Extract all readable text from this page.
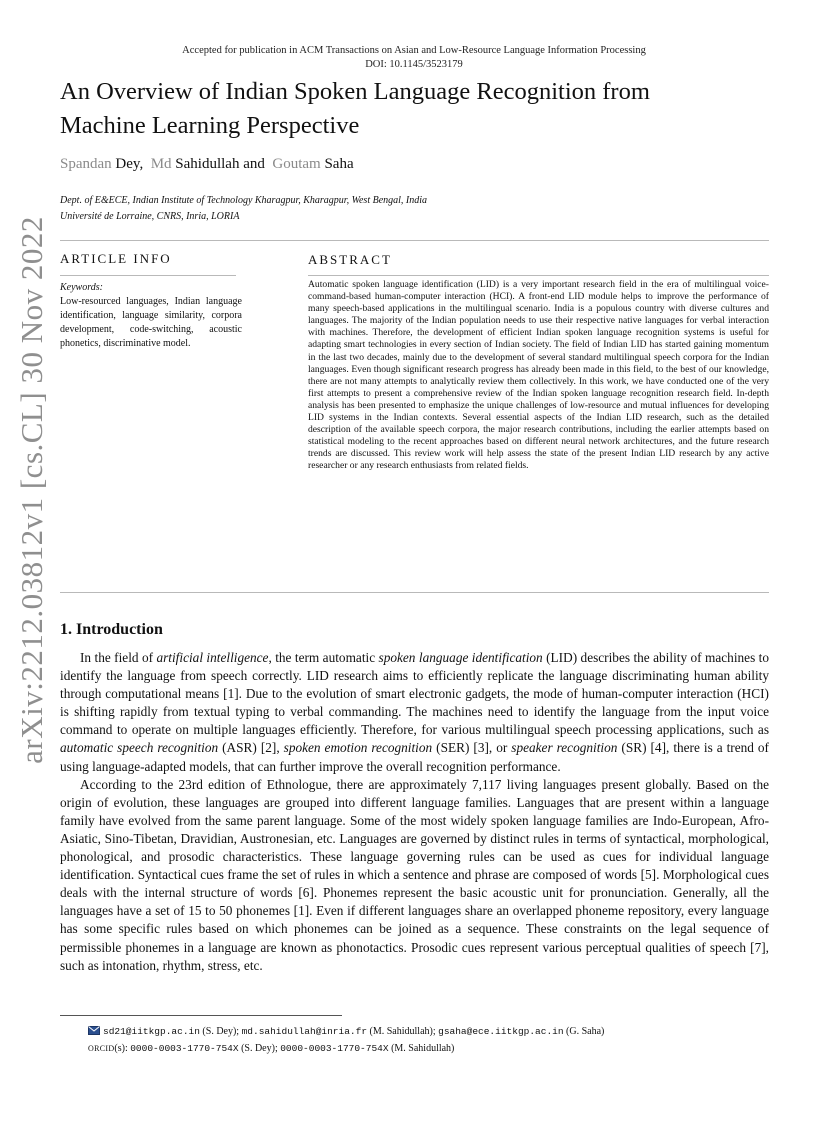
Accepted for publication in ACM Transactions on Asian and Low-Resource Language Information Processing
DOI: 10.1145/3523179
An Overview of Indian Spoken Language Recognition from
Machine Learning Perspective
Spandan Dey,  Md Sahidullah and Goutam Saha
Dept. of E&ECE, Indian Institute of Technology Kharagpur, Kharagpur, West Bengal, India
Université de Lorraine, CNRS, Inria, LORIA
ARTICLE INFO	ABSTRACT
Keywords:
Low-resourced languages, Indian language identification, language similarity, corpora development, code-switching, acoustic phonetics, discriminative model.
Automatic spoken language identification (LID) is a very important research field in the era of multilingual voice-command-based human-computer interaction (HCI). A front-end LID module helps to improve the performance of many speech-based applications in the multilingual scenario. India is a populous country with diverse cultures and languages. The majority of the Indian population needs to use their respective native languages for verbal interaction with machines. Therefore, the development of efficient Indian spoken language recognition systems is useful for adapting smart technologies in every section of Indian society. The field of Indian LID has started gaining momentum in the last two decades, mainly due to the development of several standard multilingual speech corpora for the Indian languages. Even though significant research progress has already been made in this field, to the best of our knowledge, there are not many attempts to analytically review them collectively. In this work, we have conducted one of the very first attempts to present a comprehensive review of the Indian spoken language recognition research field. In-depth analysis has been presented to emphasize the unique challenges of low-resource and mutual influences for developing LID systems in the Indian contexts. Several essential aspects of the Indian LID research, such as the detailed description of the available speech corpora, the major research contributions, including the earlier attempts based on statistical modeling to the recent approaches based on different neural network architectures, and the future research trends are discussed. This review work will help assess the state of the present Indian LID research by any active researcher or any research enthusiasts from related fields.
arXiv:2212.03812v1 [cs.CL] 30 Nov 2022 1. Introduction

In the field of artificial intelligence, the term automatic spoken language identification (LID) describes the ability of machines to identify the language from speech correctly. LID research aims to efficiently replicate the language discriminating human ability through computational means [1]. Due to the evolution of smart electronic gadgets, the mode of human-computer interaction (HCI) is shifting rapidly from textual typing to verbal commanding. The machines need to identify the language from the input voice command to operate on multiple languages efficiently. Therefore, for various multilingual speech processing applications, such as automatic speech recognition (ASR) [2], spoken emotion recognition (SER) [3], or speaker recognition (SR) [4], there is a trend of using language-adapted models, that can further improve the overall recognition performance.

According to the 23rd edition of Ethnologue, there are approximately 7,117 living languages present globally. Based on the origin of evolution, these languages are grouped into different language families. Languages that are present within a language family have evolved from the same parent language. Some of the most widely spoken language families are Indo-European, Afro-Asiatic, Sino-Tibetan, Dravidian, Austronesian, etc. Languages are governed by distinct rules in terms of syntactical, morphological, phonological, and prosodic characteristics. These language governing rules can be used as cues for individual language identification. Syntactical cues frame the set of rules in which a sentence and phrase are composed of words [5]. Morphological cues deals with the internal structure of words [6]. Phonemes represent the basic acoustic unit for pronunciation. Generally, all the languages have a set of 15 to 50 phonemes [1]. Even if different languages share an overlapped phoneme repository, every language has some specific rules based on which phonemes can be joined as a sequence. These constraints on the legal sequence of permissible phonemes in a language are known as phonotactics. Prosodic cues represent various perceptual qualities of speech [7], such as intonation, rhythm, stress, etc.

sd21@iitkgp.ac.in (S. Dey); md.sahidullah@inria.fr (M. Sahidullah); gsaha@ece.iitkgp.ac.in (G. Saha)
ORCID(s): 0000-0003-1770-754X (S. Dey); 0000-0003-1770-754X (M. Sahidullah)
